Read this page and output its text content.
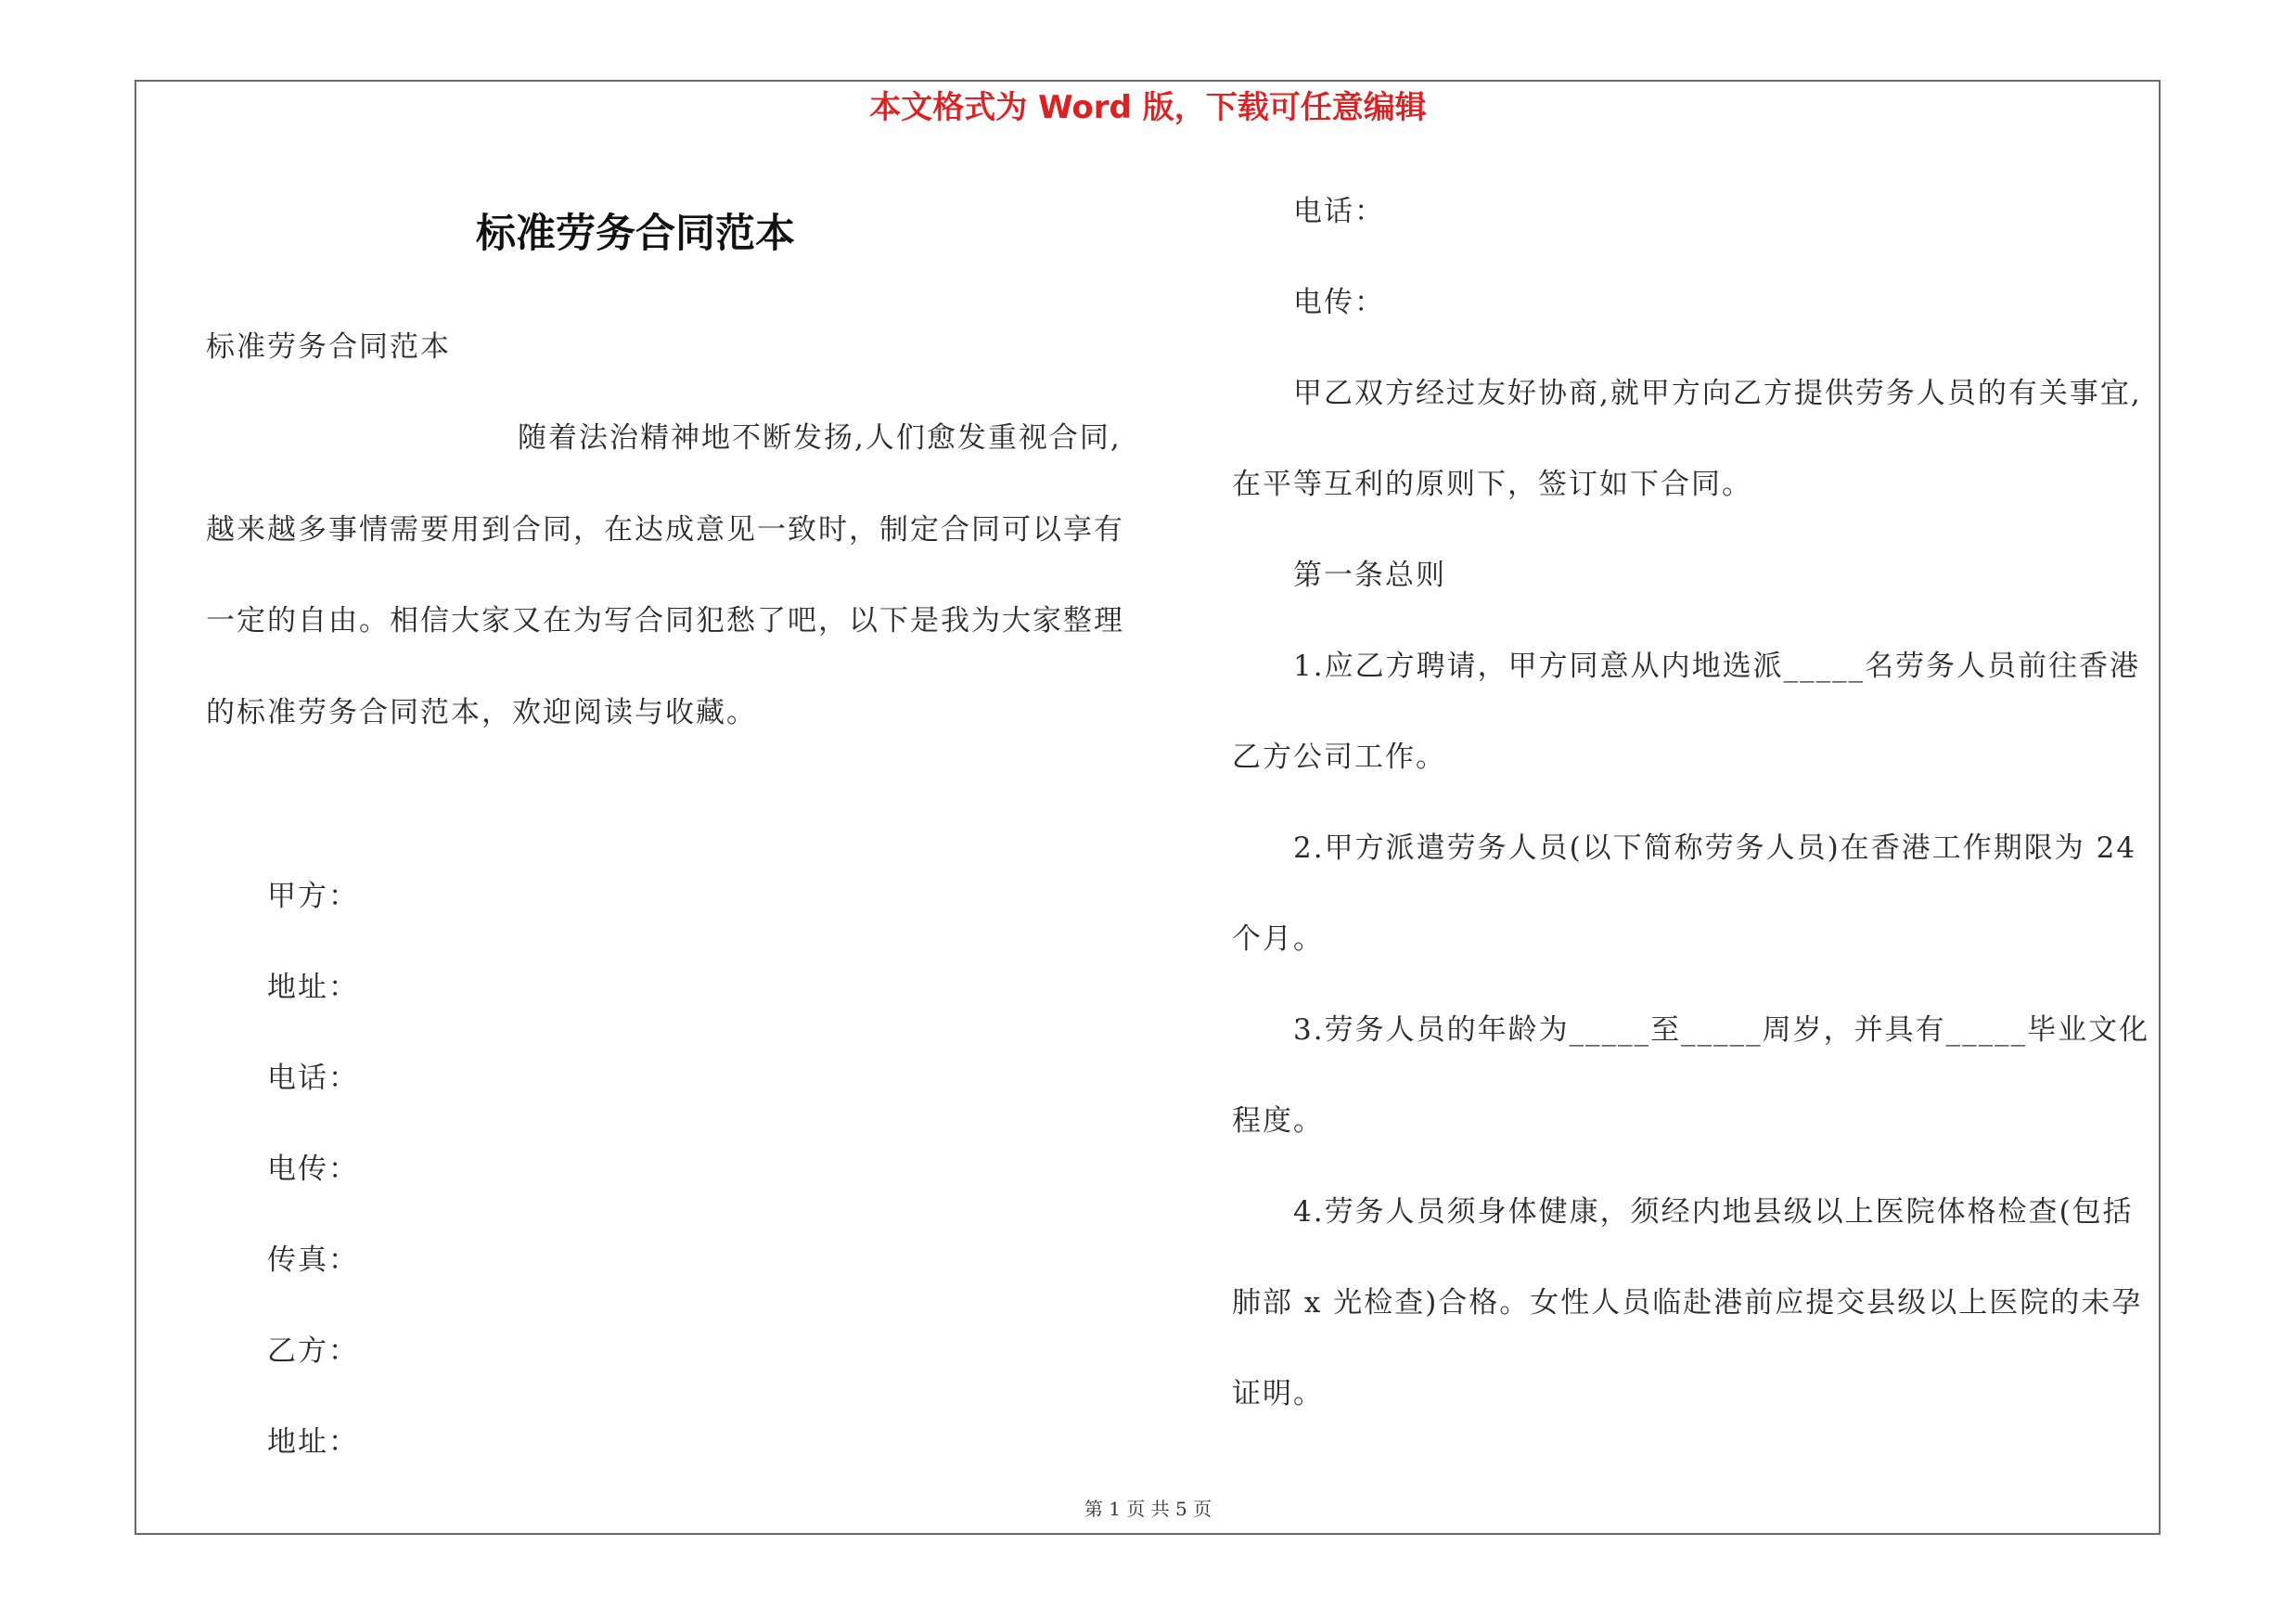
本文格式为 Word 版，下载可任意编辑
标准劳务合同范本
标准劳务合同范本
随着法治精神地不断发扬,人们愈发重视合同,
越来越多事情需要用到合同，在达成意见一致时，制定合同可以享有
一定的自由。相信大家又在为写合同犯愁了吧，以下是我为大家整理
的标准劳务合同范本，欢迎阅读与收藏。
甲方：
地址：
电话：
电传：
传真：
乙方：
地址：
电话：
电传：
甲乙双方经过友好协商,就甲方向乙方提供劳务人员的有关事宜,
在平等互利的原则下，签订如下合同。
第一条总则
1.应乙方聘请，甲方同意从内地选派_____名劳务人员前往香港
乙方公司工作。
2.甲方派遣劳务人员(以下简称劳务人员)在香港工作期限为 24
个月。
3.劳务人员的年龄为_____至_____周岁，并具有_____毕业文化
程度。
4.劳务人员须身体健康，须经内地县级以上医院体格检查(包括
肺部 x 光检查)合格。女性人员临赴港前应提交县级以上医院的未孕
证明。
第 1 页 共 5 页
